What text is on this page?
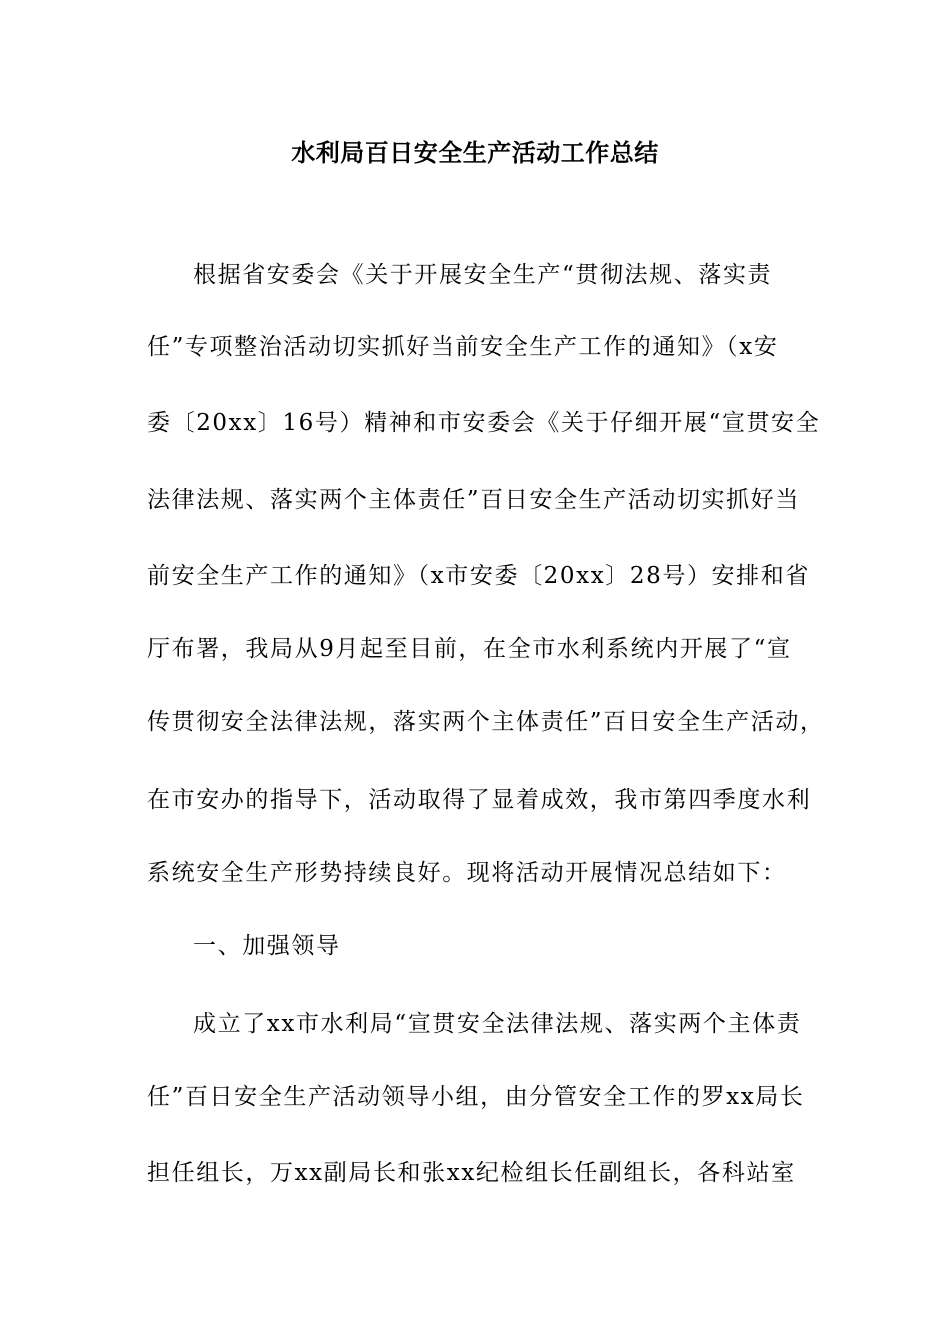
水利局百日安全生产活动工作总结
根据省安委会《关于开展安全生产“贯彻法规、落实责
任”专项整治活动切实抓好当前安全生产工作的通知》（x安
委〔20xx〕16号）精神和市安委会《关于仔细开展“宣贯安全
法律法规、落实两个主体责任”百日安全生产活动切实抓好当
前安全生产工作的通知》（x市安委〔20xx〕28号）安排和省
厅布署，我局从9月起至目前，在全市水利系统内开展了“宣
传贯彻安全法律法规，落实两个主体责任”百日安全生产活动，
在市安办的指导下，活动取得了显着成效，我市第四季度水利
系统安全生产形势持续良好。现将活动开展情况总结如下：
一、加强领导
成立了xx市水利局“宣贯安全法律法规、落实两个主体责
任”百日安全生产活动领导小组，由分管安全工作的罗xx局长
担任组长，万xx副局长和张xx纪检组长任副组长，各科站室
